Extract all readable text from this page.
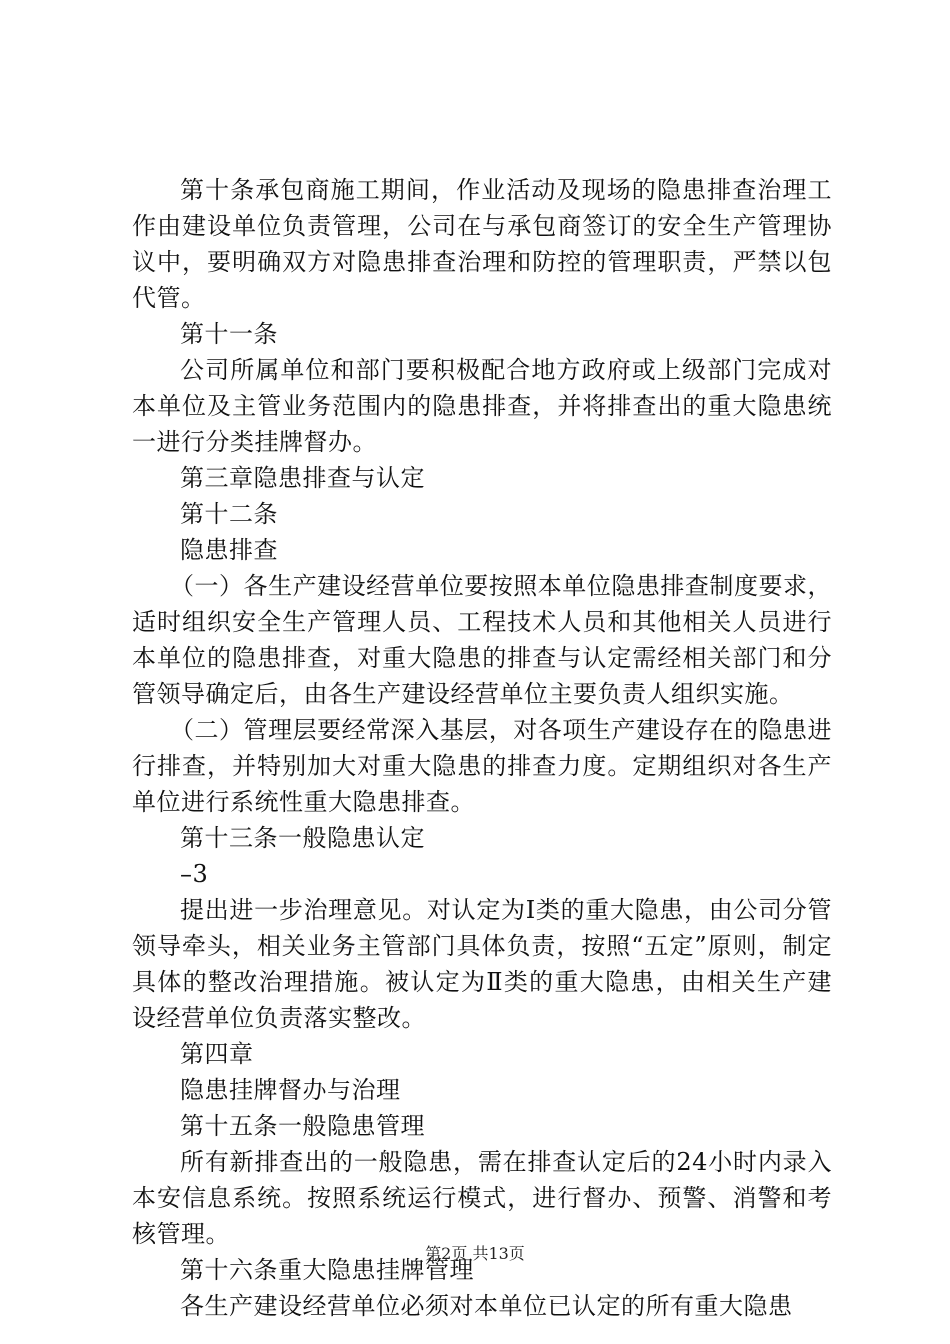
第十条承包商施工期间，作业活动及现场的隐患排查治理工作由建设单位负责管理，公司在与承包商签订的安全生产管理协议中，要明确双方对隐患排查治理和防控的管理职责，严禁以包代管。

第十一条

公司所属单位和部门要积极配合地方政府或上级部门完成对本单位及主管业务范围内的隐患排查，并将排查出的重大隐患统一进行分类挂牌督办。

第三章隐患排查与认定

第十二条

隐患排查

（一）各生产建设经营单位要按照本单位隐患排查制度要求，适时组织安全生产管理人员、工程技术人员和其他相关人员进行本单位的隐患排查，对重大隐患的排查与认定需经相关部门和分管领导确定后，由各生产建设经营单位主要负责人组织实施。

（二）管理层要经常深入基层，对各项生产建设存在的隐患进行排查，并特别加大对重大隐患的排查力度。定期组织对各生产单位进行系统性重大隐患排查。

第十三条一般隐患认定

–3

提出进一步治理意见。对认定为Ⅰ类的重大隐患，由公司分管领导牵头，相关业务主管部门具体负责，按照“五定”原则，制定具体的整改治理措施。被认定为Ⅱ类的重大隐患，由相关生产建设经营单位负责落实整改。

第四章

隐患挂牌督办与治理

第十五条一般隐患管理

所有新排查出的一般隐患，需在排查认定后的24小时内录入本安信息系统。按照系统运行模式，进行督办、预警、消警和考核管理。

第十六条重大隐患挂牌管理

各生产建设经营单位必须对本单位已认定的所有重大隐患

第2页 共13页
